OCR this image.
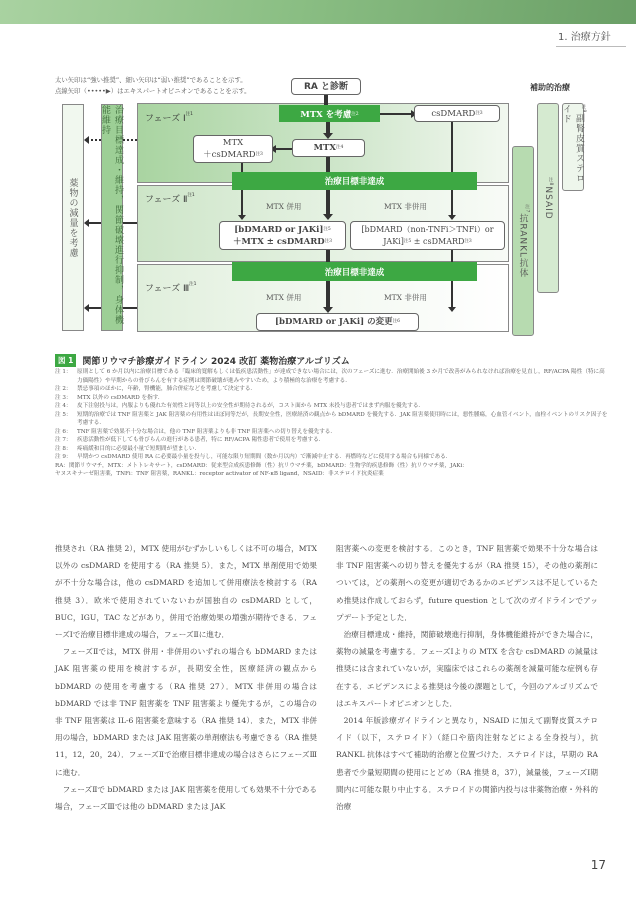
1. 治療方針
太い矢印は“強い推奨”、細い矢印は“弱い推奨”であることを示す。
点線矢印（•••••▶）はエキスパートオピニオンであることを示す。
薬物の減量を考慮	治療目標達成・維持，関節破壊進行抑制，身体機能維持	フェーズ Ⅰ$^{注1}$
フェーズ Ⅱ$^{注1}$
フェーズ Ⅲ$^{注1}$
RA と診断
MTX を考慮 注2	csDMARD$^{注3}$
MTX$^{注4}$
MTX
＋csDMARD$^{注3}$
治療目標非達成
MTX 併用	MTX 非併用
[bDMARD or JAKi]$^{注5}$
＋MTX ± csDMARD$^{注3}$
[bDMARD（non-TNFi＞TNFi）or
JAKi]$^{注5}$ ± csDMARD$^{注3}$
治療目標非達成
MTX 併用	MTX 非併用
[bDMARD or JAKi] の変更$^{注6}$
補助的治療
$^{注7}$抗RANKL抗体
$^{注8}$NSAID
$^{注9}$副腎皮質ステロイド
図 1	関節リウマチ診療ガイドライン 2024 改訂 薬物治療アルゴリズム
注 1： 原則として 6 か月以内に治療目標である「臨床的寛解もしくは低疾患活動性」が達成できない場合には，次のフェーズに進む．治療開始後 3 か月で改善がみられなければ治療を見直し，RF/ACPA 陽性（特に高力価陽性）や早期からの骨びらんを有する症例は関節破壊が進みやすいため，より積極的な治療を考慮する．
注 2： 禁忌事項のほかに，年齢，腎機能，肺合併症などを考慮して決定する．
注 3： MTX 以外の csDMARD を指す．
注 4： 皮下注射投与は，内服よりも優れた有効性と同等以上の安全性が期待されるが，コスト面から MTX 未投与患者ではまず内服を優先する．
注 5： 短期的治療では TNF 阻害薬と JAK 阻害薬の有用性はほぼ同等だが，長期安全性，医療経済の観点から bDMARD を優先する．JAK 阻害薬使用時には，悪性腫瘍，心血管イベント，血栓イベントのリスク因子を考慮する．
注 6： TNF 阻害薬で効果不十分な場合は，他の TNF 阻害薬よりも非 TNF 阻害薬への切り替えを優先する．
注 7： 疾患活動性が低下しても骨びらんの進行がある患者，特に RF/ACPA 陽性患者で使用を考慮する．
注 8： 疼痛緩和目的に必要最小量で短期間が望ましい．
注 9： 早期かつ csDMARD 使用 RA に必要最小量を投与し，可能な限り短期間（数か月以内）で漸減中止する．再燃時などに使用する場合も同様である．
RA：関節リウマチ，MTX：メトトレキサート，csDMARD：従来型合成疾患修飾（性）抗リウマチ薬，bDMARD：生物学的疾患修飾（性）抗リウマチ薬，JAKi：
ヤヌスキナーゼ阻害薬，TNFi：TNF 阻害薬，RANKL：receptor activator of NF-κB ligand，NSAID：非ステロイド抗炎症薬

推奨され（RA 推奨 2），MTX 使用がむずかしいもしくは不可の場合，MTX 以外の csDMARD を使用する（RA 推奨 5）．また，MTX 単剤使用で効果が不十分な場合は，他の csDMARD を追加して併用療法を検討する（RA 推奨 3）．欧米で使用されていないわが国独自の csDMARD として，BUC，IGU，TAC などがあり，併用で治療効果の増強が期待できる．フェーズⅠで治療目標非達成の場合，フェーズⅡに進む．

フェーズⅡでは，MTX 併用・非併用のいずれの場合も bDMARD または JAK 阻害薬の使用を検討するが，長期安全性，医療経済の観点から bDMARD の使用を考慮する（RA 推奨 27）．MTX 非併用の場合は bDMARD では非 TNF 阻害薬を TNF 阻害薬より優先するが，この場合の非 TNF 阻害薬は IL-6 阻害薬を意味する（RA 推奨 14）．また，MTX 非併用の場合，bDMARD または JAK 阻害薬の単剤療法も考慮できる（RA 推奨 11，12，20，24）．フェーズⅡで治療目標非達成の場合はさらにフェーズⅢに進む．

フェーズⅡで bDMARD または JAK 阻害薬を使用しても効果不十分である場合，フェーズⅢでは他の bDMARD または JAK

阻害薬への変更を検討する．このとき，TNF 阻害薬で効果不十分な場合は非 TNF 阻害薬への切り替えを優先するが（RA 推奨 15），その他の薬剤については，どの薬剤への変更が適切であるかのエビデンスは不足しているため推奨は作成しておらず，future question として次のガイドラインでアップデート予定とした．

治療目標達成・維持，関節破壊進行抑制，身体機能維持ができた場合に，薬物の減量を考慮する．フェーズⅠよりの MTX を含む csDMARD の減量は推奨には含まれていないが，実臨床ではこれらの薬剤を減量可能な症例も存在する．エビデンスによる推奨は今後の課題として，今回のアルゴリズムではエキスパートオピニオンとした．

2014 年版診療ガイドラインと異なり，NSAID に加えて副腎皮質ステロイド（以下，ステロイド）（経口や筋肉注射などによる全身投与），抗 RANKL 抗体はすべて補助的治療と位置づけた．ステロイドは，早期の RA 患者で少量短期間の使用にとどめ（RA 推奨 8，37），減量後，フェーズⅠ期間内に可能な限り中止する．ステロイドの関節内投与は非薬物治療・外科的治療

17
